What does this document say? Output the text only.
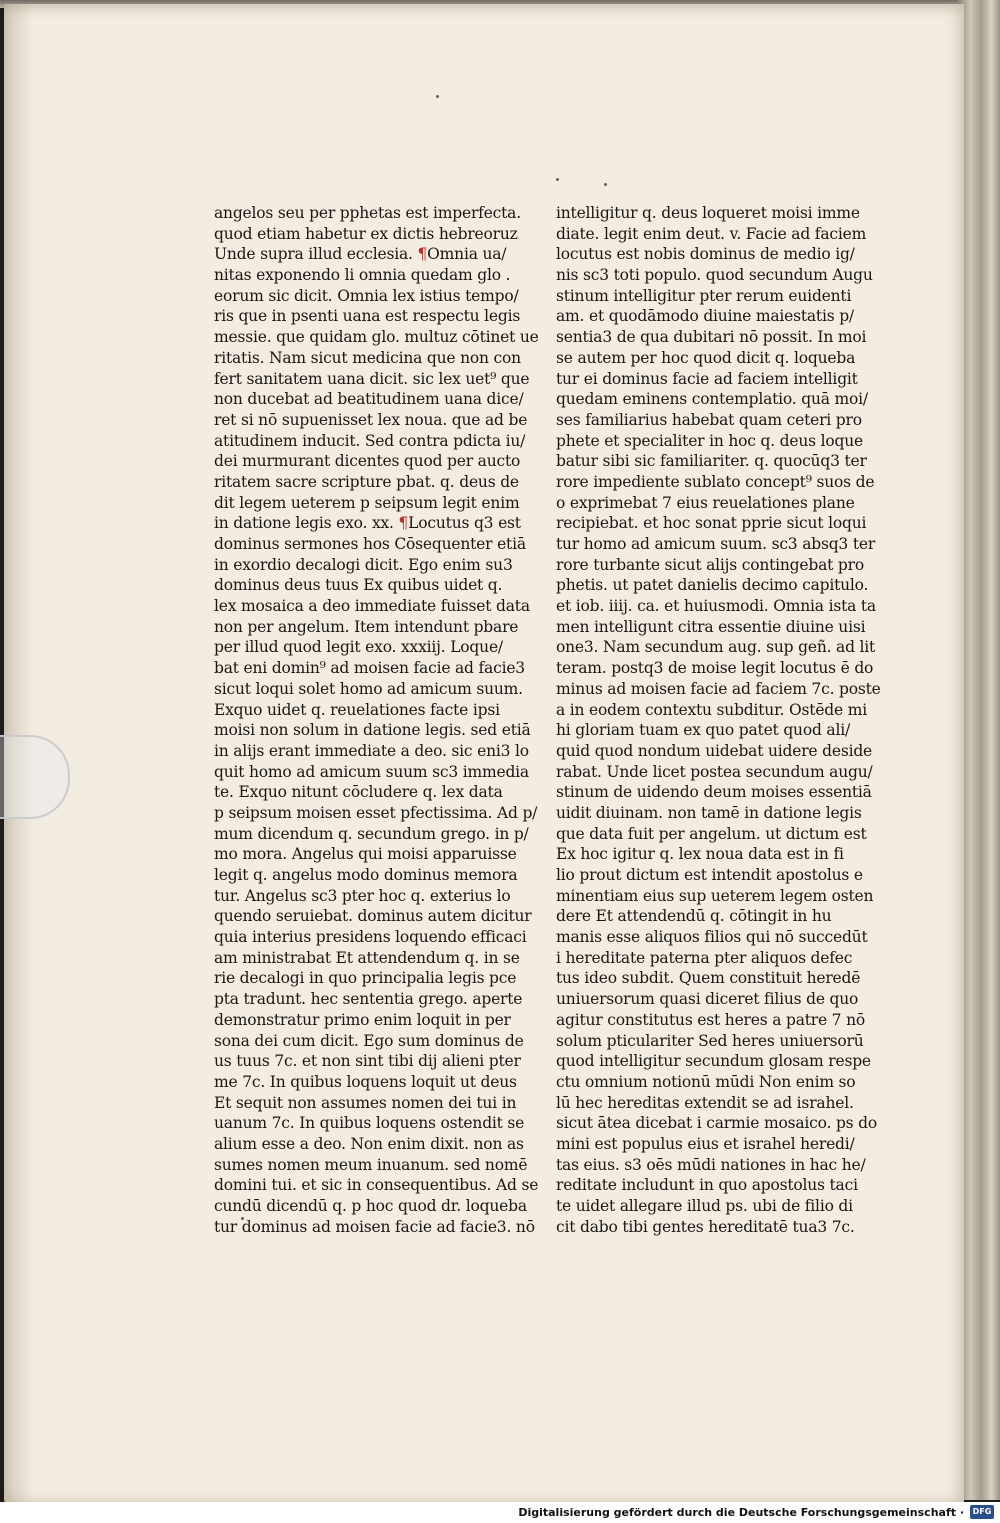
angelos seu per pphetas est imperfecta.
quod etiam habetur ex dictis hebreoruz
Unde supra illud ecclesia. ¶Omnia ua/
nitas exponendo li omnia quedam glo .
eorum sic dicit. Omnia lex istius tempo/
ris que in psenti uana est respectu legis
messie. que quidam glo. multuz cōtinet ue
ritatis. Nam sicut medicina que non con
fert sanitatem uana dicit. sic lex uet⁹ que
non ducebat ad beatitudinem uana dice/
ret si nō supuenisset lex noua. que ad be
atitudinem inducit. Sed contra pdicta iu/
dei murmurant dicentes quod per aucto
ritatem sacre scripture pbat. q. deus de
dit legem ueterem p seipsum legit enim
in datione legis exo. xx. ¶Locutus q3 est
dominus sermones hos Cōsequenter etiā
in exordio decalogi dicit. Ego enim su3
dominus deus tuus Ex quibus uidet q.
lex mosaica a deo immediate fuisset data
non per angelum. Item intendunt pbare
per illud quod legit exo. xxxiij. Loque/
bat eni domin⁹ ad moisen facie ad facie3
sicut loqui solet homo ad amicum suum.
Exquo uidet q. reuelationes facte ipsi
moisi non solum in datione legis. sed etiā
in alijs erant immediate a deo. sic eni3 lo
quit homo ad amicum suum sc3 immedia
te. Exquo nitunt cōcludere q. lex data
p seipsum moisen esset pfectissima. Ad p/
mum dicendum q. secundum grego. in p/
mo mora. Angelus qui moisi apparuisse
legit q. angelus modo dominus memora
tur. Angelus sc3 pter hoc q. exterius lo
quendo seruiebat. dominus autem dicitur
quia interius presidens loquendo efficaci
am ministrabat Et attendendum q. in se
rie decalogi in quo principalia legis pce
pta tradunt. hec sententia grego. aperte
demonstratur primo enim loquit in per
sona dei cum dicit. Ego sum dominus de
us tuus 7c. et non sint tibi dij alieni pter
me 7c. In quibus loquens loquit ut deus
Et sequit non assumes nomen dei tui in
uanum 7c. In quibus loquens ostendit se
alium esse a deo. Non enim dixit. non as
sumes nomen meum inuanum. sed nomē
domini tui. et sic in consequentibus. Ad se
cundū dicendū q. p hoc quod dr. loqueba
tur dominus ad moisen facie ad facie3. nō
intelligitur q. deus loqueret moisi imme
diate. legit enim deut. v. Facie ad faciem
locutus est nobis dominus de medio ig/
nis sc3 toti populo. quod secundum Augu
stinum intelligitur pter rerum euidenti
am. et quodāmodo diuine maiestatis p/
sentia3 de qua dubitari nō possit. In moi
se autem per hoc quod dicit q. loqueba
tur ei dominus facie ad faciem intelligit
quedam eminens contemplatio. quā moi/
ses familiarius habebat quam ceteri pro
phete et specialiter in hoc q. deus loque
batur sibi sic familiariter. q. quocūq3 ter
rore impediente sublato concept⁹ suos de
o exprimebat 7 eius reuelationes plane
recipiebat. et hoc sonat pprie sicut loqui
tur homo ad amicum suum. sc3 absq3 ter
rore turbante sicut alijs contingebat pro
phetis. ut patet danielis decimo capitulo.
et iob. iiij. ca. et huiusmodi. Omnia ista ta
men intelligunt citra essentie diuine uisi
one3. Nam secundum aug. sup geñ. ad lit
teram. postq3 de moise legit locutus ē do
minus ad moisen facie ad faciem 7c. poste
a in eodem contextu subditur. Ostēde mi
hi gloriam tuam ex quo patet quod ali/
quid quod nondum uidebat uidere deside
rabat. Unde licet postea secundum augu/
stinum de uidendo deum moises essentiā
uidit diuinam. non tamē in datione legis
que data fuit per angelum. ut dictum est
Ex hoc igitur q. lex noua data est in fi
lio prout dictum est intendit apostolus e
minentiam eius sup ueterem legem osten
dere Et attendendū q. cōtingit in hu
manis esse aliquos filios qui nō succedūt
i hereditate paterna pter aliquos defec
tus ideo subdit. Quem constituit heredē
uniuersorum quasi diceret filius de quo
agitur constitutus est heres a patre 7 nō
solum pticulariter Sed heres uniuersorū
quod intelligitur secundum glosam respe
ctu omnium notionū mūdi Non enim so
lū hec hereditas extendit se ad israhel.
sicut ātea dicebat i carmie mosaico. ps do
mini est populus eius et israhel heredi/
tas eius. s3 oēs mūdi nationes in hac he/
reditate includunt in quo apostolus taci
te uidet allegare illud ps. ubi de filio di
cit dabo tibi gentes hereditatē tua3 7c.
Digitalisierung gefördert durch die Deutsche Forschungsgemeinschaft ·	DFG
